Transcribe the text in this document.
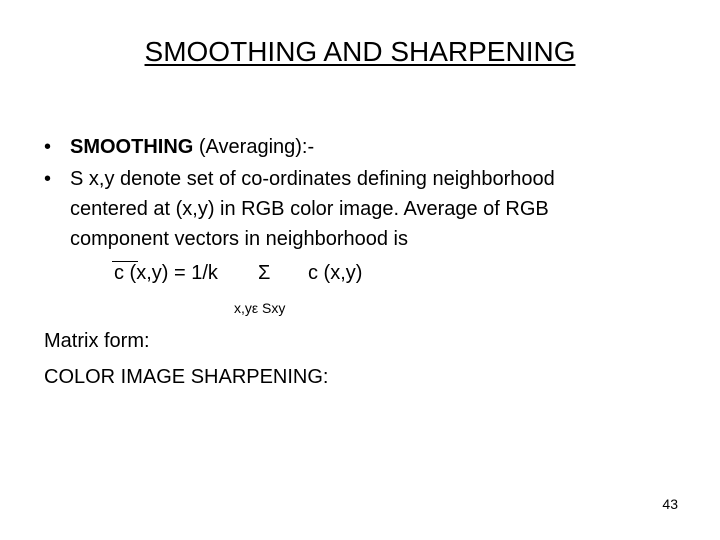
SMOOTHING AND SHARPENING
• SMOOTHING (Averaging):-
• S x,y denote set of co-ordinates defining neighborhood
centered at (x,y) in RGB color image. Average of RGB
component vectors in neighborhood is
c (x,y) = 1/k Σ c (x,y)
x,yε Sxy
Matrix form:
COLOR IMAGE SHARPENING:
43
